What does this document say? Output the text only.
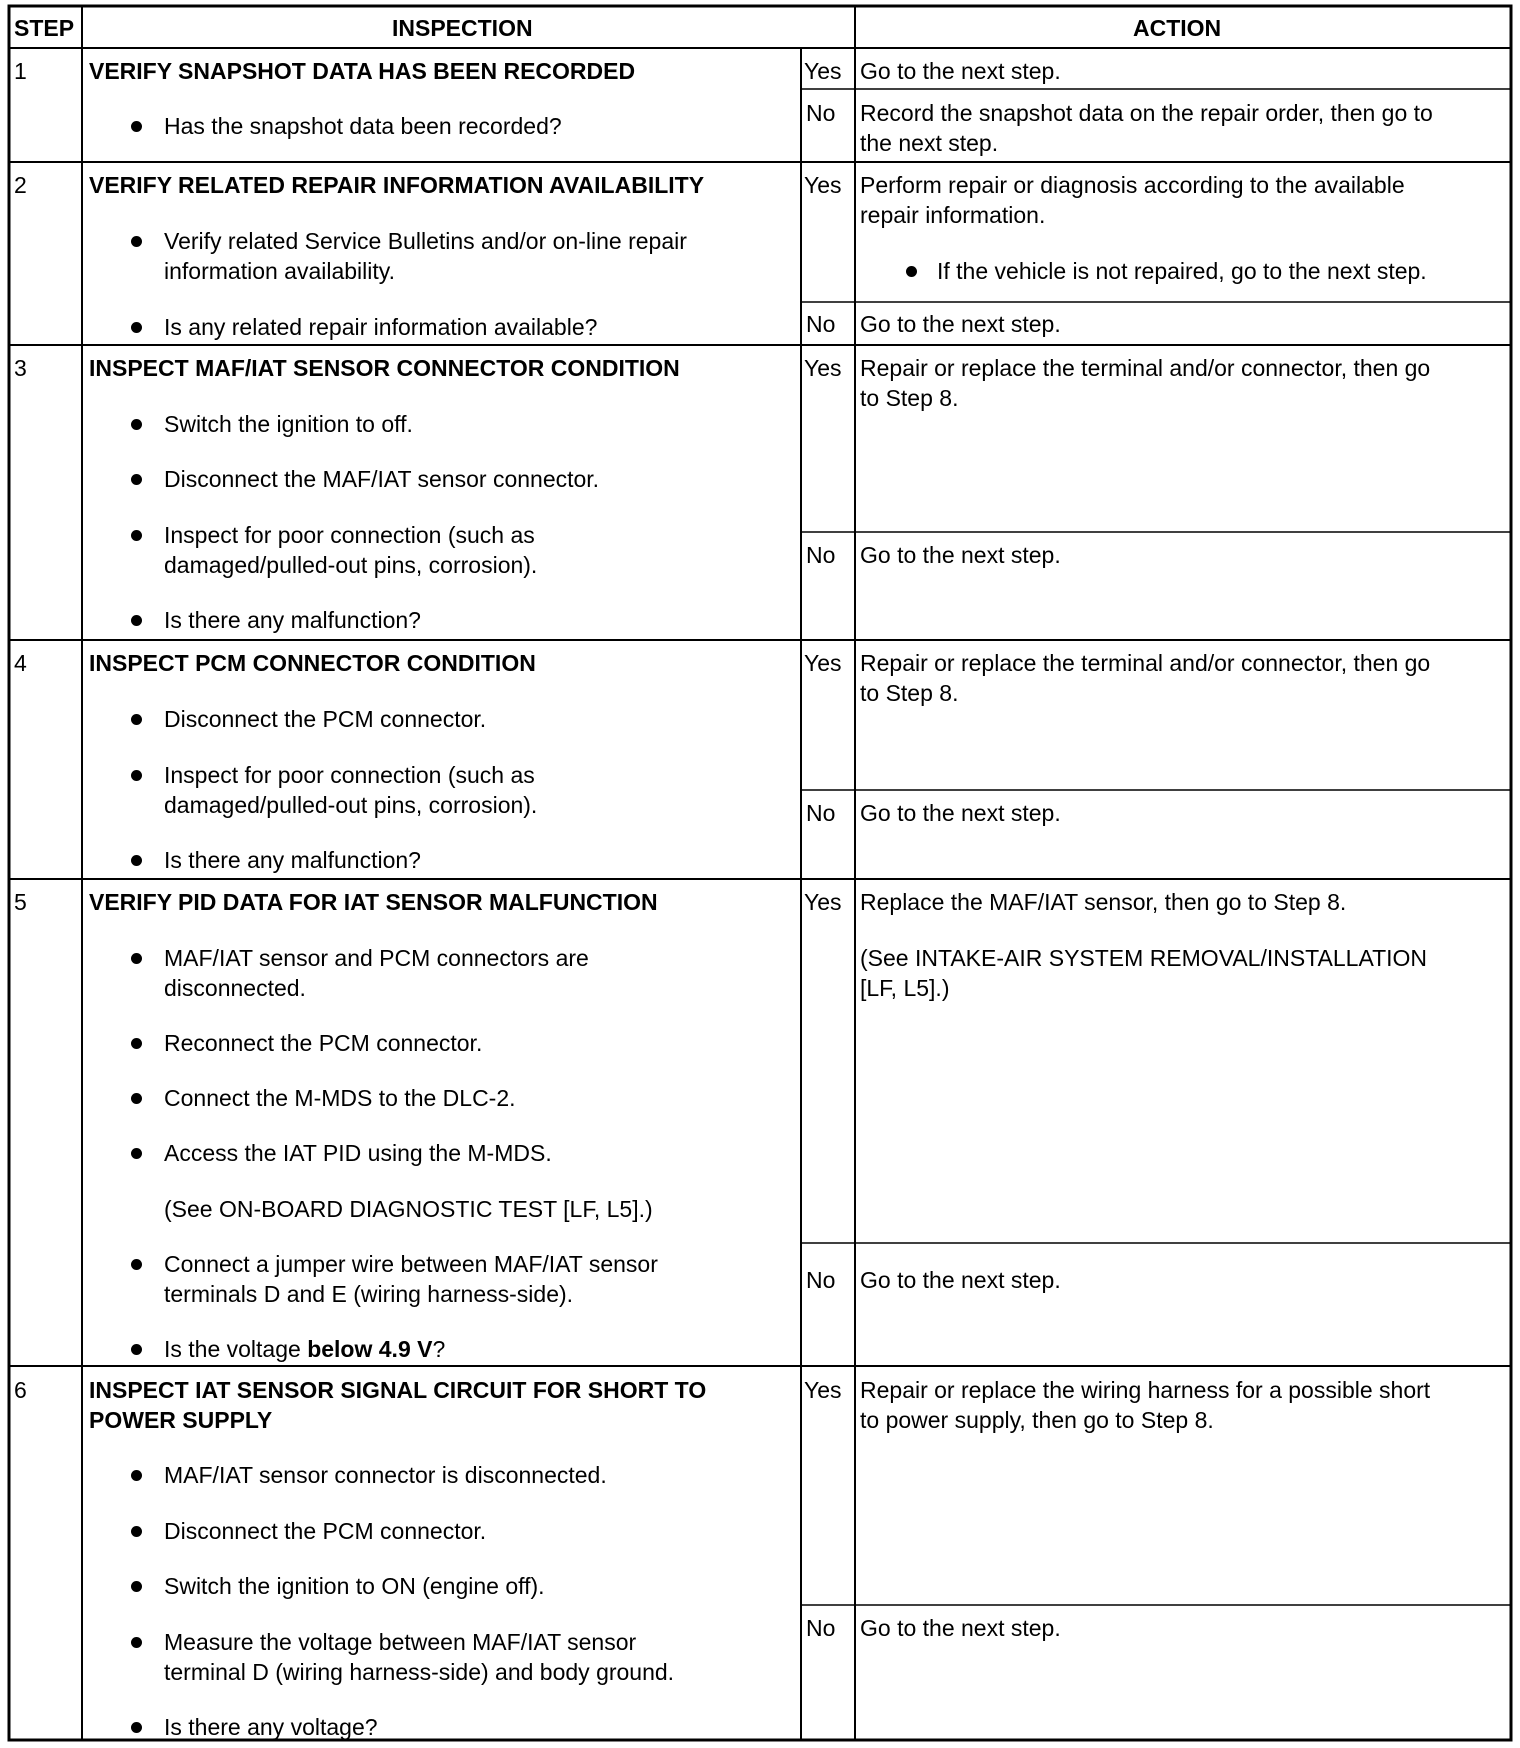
STEP	INSPECTION	ACTION
1	VERIFY SNAPSHOT DATA HAS BEEN RECORDED
Has the snapshot data been recorded?
Yes Go to the next step.
No Record the snapshot data on the repair order, then go to
the next step.
2	VERIFY RELATED REPAIR INFORMATION AVAILABILITY
Verify related Service Bulletins and/or on-line repair
information availability.
Is any related repair information available?
Yes Perform repair or diagnosis according to the available
repair information.
If the vehicle is not repaired, go to the next step.
No Go to the next step.
3	INSPECT MAF/IAT SENSOR CONNECTOR CONDITION
Switch the ignition to off.
Disconnect the MAF/IAT sensor connector.
Inspect for poor connection (such as
damaged/pulled-out pins, corrosion).
Is there any malfunction?
Yes Repair or replace the terminal and/or connector, then go
to Step 8.
No Go to the next step.
4	INSPECT PCM CONNECTOR CONDITION
Disconnect the PCM connector.
Inspect for poor connection (such as
damaged/pulled-out pins, corrosion).
Is there any malfunction?
Yes Repair or replace the terminal and/or connector, then go
to Step 8.
No Go to the next step.
5	VERIFY PID DATA FOR IAT SENSOR MALFUNCTION
MAF/IAT sensor and PCM connectors are
disconnected.
Reconnect the PCM connector.
Connect the M-MDS to the DLC-2.
Access the IAT PID using the M-MDS.
(See ON-BOARD DIAGNOSTIC TEST [LF, L5].)
Connect a jumper wire between MAF/IAT sensor
terminals D and E (wiring harness-side).
Is the voltage below 4.9 V?
Yes Replace the MAF/IAT sensor, then go to Step 8.
(See INTAKE-AIR SYSTEM REMOVAL/INSTALLATION
[LF, L5].)
No Go to the next step.
6	INSPECT IAT SENSOR SIGNAL CIRCUIT FOR SHORT TO
POWER SUPPLY
MAF/IAT sensor connector is disconnected.
Disconnect the PCM connector.
Switch the ignition to ON (engine off).
Measure the voltage between MAF/IAT sensor
terminal D (wiring harness-side) and body ground.
Is there any voltage?
Yes Repair or replace the wiring harness for a possible short
to power supply, then go to Step 8.
No Go to the next step.
